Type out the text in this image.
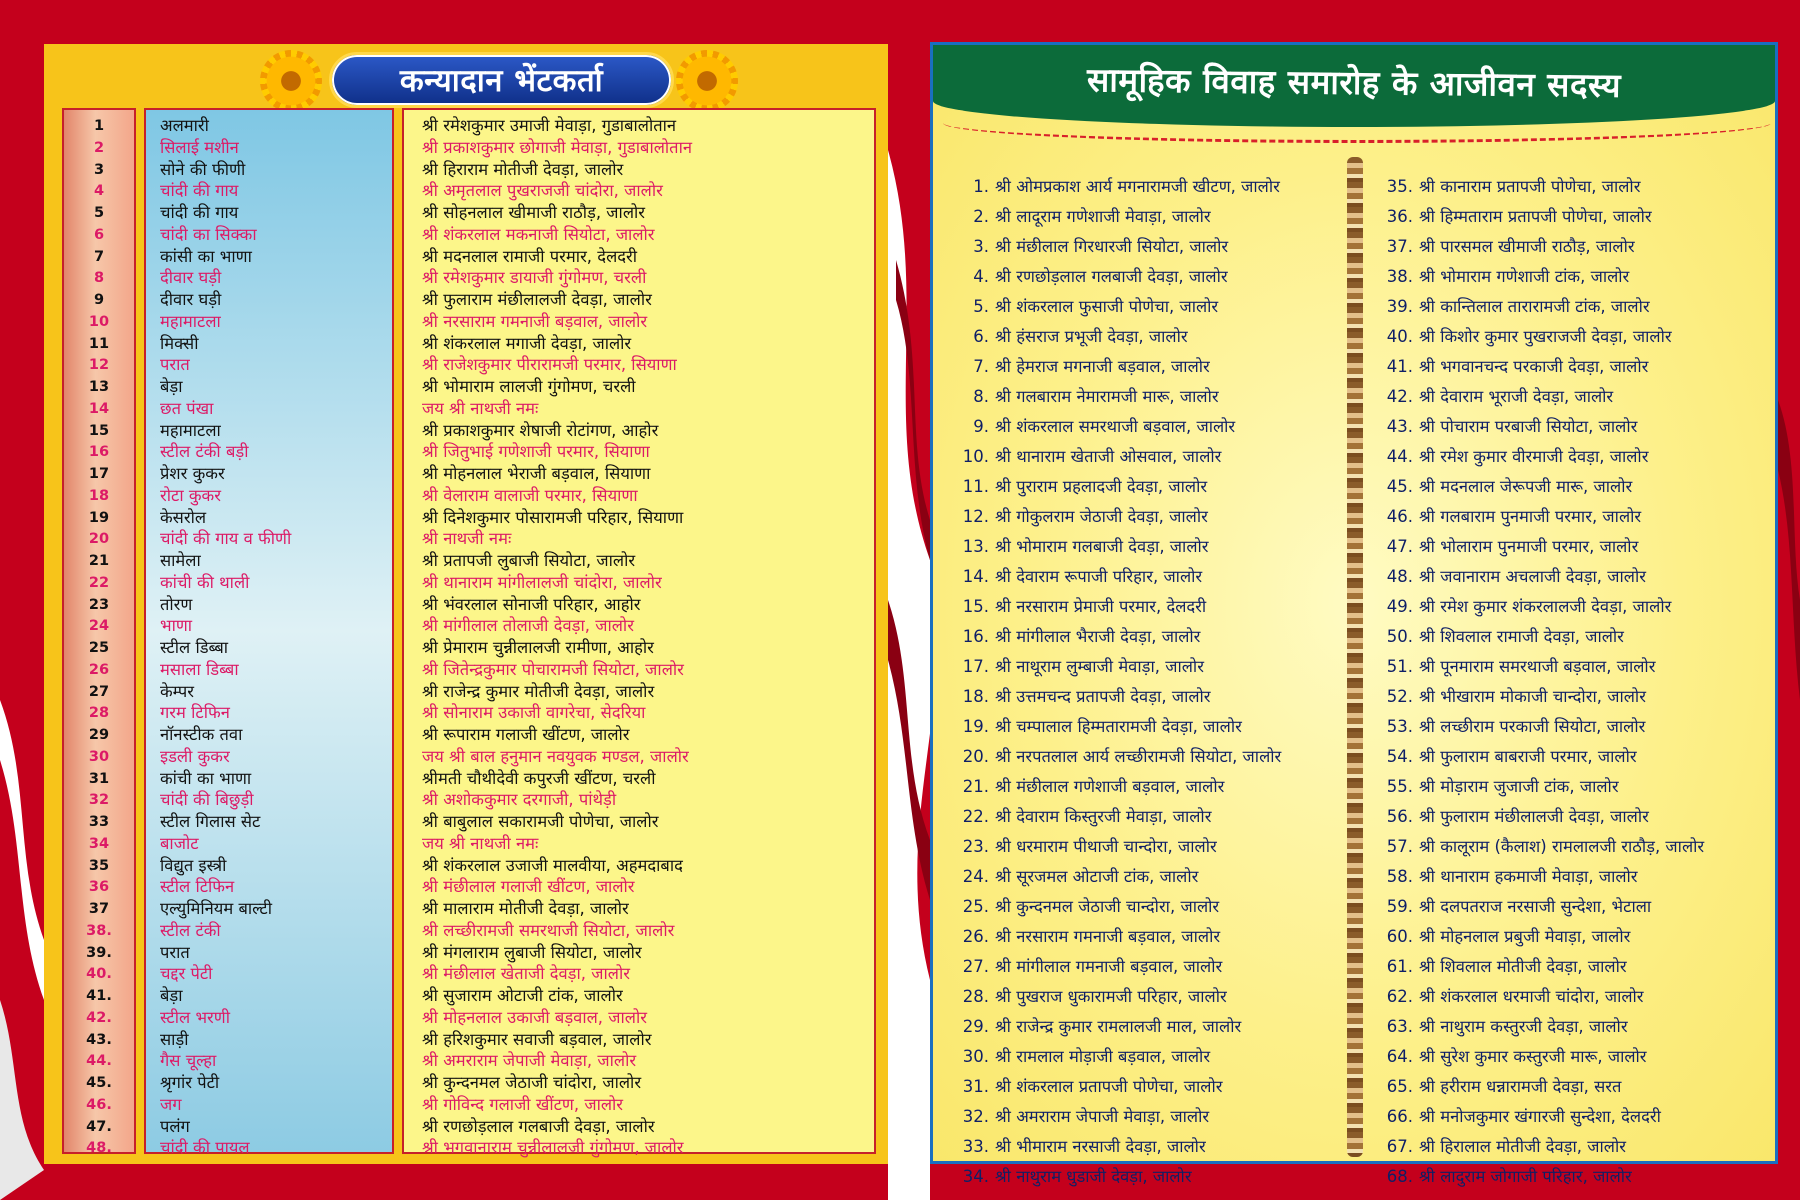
कन्यादान भेंटकर्ता
1
2
3
4
5
6
7
8
9
10
11
12
13
14
15
16
17
18
19
20
21
22
23
24
25
26
27
28
29
30
31
32
33
34
35
36
37
38.
39.
40.
41.
42.
43.
44.
45.
46.
47.
48.
अलमारी
सिलाई मशीन
सोने की फीणी
चांदी की गाय
चांदी की गाय
चांदी का सिक्का
कांसी का भाणा
दीवार घड़ी
दीवार घड़ी
महामाटला
मिक्सी
परात
बेड़ा
छत पंखा
महामाटला
स्टील टंकी बड़ी
प्रेशर कुकर
रोटा कुकर
केसरोल
चांदी की गाय व फीणी
सामेला
कांची की थाली
तोरण
भाणा
स्टील डिब्बा
मसाला डिब्बा
केम्पर
गरम टिफिन
नॉनस्टीक तवा
इडली कुकर
कांची का भाणा
चांदी की बिछुड़ी
स्टील गिलास सेट
बाजोट
विद्युत इस्त्री
स्टील टिफिन
एल्युमिनियम बाल्टी
स्टील टंकी
परात
चद्दर पेटी
बेड़ा
स्टील भरणी
साड़ी
गैस चूल्हा
श्रृगांर पेटी
जग
पलंग
चांदी की पायल
श्री रमेशकुमार उमाजी मेवाड़ा, गुडाबालोतान
श्री प्रकाशकुमार छोगाजी मेवाड़ा, गुडाबालोतान
श्री हिराराम मोतीजी देवड़ा, जालोर
श्री अमृतलाल पुखराजजी चांदोरा, जालोर
श्री सोहनलाल खीमाजी राठौड़, जालोर
श्री शंकरलाल मकनाजी सियोटा, जालोर
श्री मदनलाल रामाजी परमार, देलदरी
श्री रमेशकुमार डायाजी गुंगोमण, चरली
श्री फुलाराम मंछीलालजी देवड़ा, जालोर
श्री नरसाराम गमनाजी बड़वाल, जालोर
श्री शंकरलाल मगाजी देवड़ा, जालोर
श्री राजेशकुमार पीरारामजी परमार, सियाणा
श्री भोमाराम लालजी गुंगोमण, चरली
जय श्री नाथजी नमः
श्री प्रकाशकुमार शेषाजी रोटांगण, आहोर
श्री जितुभाई गणेशाजी परमार, सियाणा
श्री मोहनलाल भेराजी बड़वाल, सियाणा
श्री वेलाराम वालाजी परमार, सियाणा
श्री दिनेशकुमार पोसारामजी परिहार, सियाणा
श्री नाथजी नमः
श्री प्रतापजी लुबाजी सियोटा, जालोर
श्री थानाराम मांगीलालजी चांदोरा, जालोर
श्री भंवरलाल सोनाजी परिहार, आहोर
श्री मांगीलाल तोलाजी देवड़ा, जालोर
श्री प्रेमाराम चुन्नीलालजी रामीणा, आहोर
श्री जितेन्द्रकुमार पोचारामजी सियोटा, जालोर
श्री राजेन्द्र कुमार मोतीजी देवड़ा, जालोर
श्री सोनाराम उकाजी वागरेचा, सेदरिया
श्री रूपाराम गलाजी खींटण, जालोर
जय श्री बाल हनुमान नवयुवक मण्डल, जालोर
श्रीमती चौथीदेवी कपुरजी खींटण, चरली
श्री अशोककुमार दरगाजी, पांथेड़ी
श्री बाबुलाल सकारामजी पोणेचा, जालोर
जय श्री नाथजी नमः
श्री शंकरलाल उजाजी मालवीया, अहमदाबाद
श्री मंछीलाल गलाजी खींटण, जालोर
श्री मालाराम मोतीजी देवड़ा, जालोर
श्री लच्छीरामजी समरथाजी सियोटा, जालोर
श्री मंगलाराम लुबाजी सियोटा, जालोर
श्री मंछीलाल खेताजी देवड़ा, जालोर
श्री सुजाराम ओटाजी टांक, जालोर
श्री मोहनलाल उकाजी बड़वाल, जालोर
श्री हरिशकुमार सवाजी बड़वाल, जालोर
श्री अमराराम जेपाजी मेवाड़ा, जालोर
श्री कुन्दनमल जेठाजी चांदोरा, जालोर
श्री गोविन्द गलाजी खींटण, जालोर
श्री रणछोड़लाल गलबाजी देवड़ा, जालोर
श्री भगवानाराम चुन्नीलालजी गुंगोमण, जालोर
सामूहिक विवाह समारोह के आजीवन सदस्य
1. श्री ओमप्रकाश आर्य मगनारामजी खीटण, जालोर
2. श्री लादूराम गणेशाजी मेवाड़ा, जालोर
3. श्री मंछीलाल गिरधारजी सियोटा, जालोर
4. श्री रणछोड़लाल गलबाजी देवड़ा, जालोर
5. श्री शंकरलाल फुसाजी पोणेचा, जालोर
6. श्री हंसराज प्रभूजी देवड़ा, जालोर
7. श्री हेमराज मगनाजी बड़वाल, जालोर
8. श्री गलबाराम नेमारामजी मारू, जालोर
9. श्री शंकरलाल समरथाजी बड़वाल, जालोर
10. श्री थानाराम खेताजी ओसवाल, जालोर
11. श्री पुराराम प्रहलादजी देवड़ा, जालोर
12. श्री गोकुलराम जेठाजी देवड़ा, जालोर
13. श्री भोमाराम गलबाजी देवड़ा, जालोर
14. श्री देवाराम रूपाजी परिहार, जालोर
15. श्री नरसाराम प्रेमाजी परमार, देलदरी
16. श्री मांगीलाल भैराजी देवड़ा, जालोर
17. श्री नाथूराम लुम्बाजी मेवाड़ा, जालोर
18. श्री उत्तमचन्द प्रतापजी देवड़ा, जालोर
19. श्री चम्पालाल हिम्मतारामजी देवड़ा, जालोर
20. श्री नरपतलाल आर्य लच्छीरामजी सियोटा, जालोर
21. श्री मंछीलाल गणेशाजी बड़वाल, जालोर
22. श्री देवाराम किस्तुरजी मेवाड़ा, जालोर
23. श्री धरमाराम पीथाजी चान्दोरा, जालोर
24. श्री सूरजमल ओटाजी टांक, जालोर
25. श्री कुन्दनमल जेठाजी चान्दोरा, जालोर
26. श्री नरसाराम गमनाजी बड़वाल, जालोर
27. श्री मांगीलाल गमनाजी बड़वाल, जालोर
28. श्री पुखराज धुकारामजी परिहार, जालोर
29. श्री राजेन्द्र कुमार रामलालजी माल, जालोर
30. श्री रामलाल मोड़ाजी बड़वाल, जालोर
31. श्री शंकरलाल प्रतापजी पोणेचा, जालोर
32. श्री अमराराम जेपाजी मेवाड़ा, जालोर
33. श्री भीमाराम नरसाजी देवड़ा, जालोर
34. श्री नाथुराम धुडाजी देवड़ा, जालोर
35. श्री कानाराम प्रतापजी पोणेचा, जालोर
36. श्री हिम्मताराम प्रतापजी पोणेचा, जालोर
37. श्री पारसमल खीमाजी राठौड़, जालोर
38. श्री भोमाराम गणेशाजी टांक, जालोर
39. श्री कान्तिलाल तारारामजी टांक, जालोर
40. श्री किशोर कुमार पुखराजजी देवड़ा, जालोर
41. श्री भगवानचन्द परकाजी देवड़ा, जालोर
42. श्री देवाराम भूराजी देवड़ा, जालोर
43. श्री पोचाराम परबाजी सियोटा, जालोर
44. श्री रमेश कुमार वीरमाजी देवड़ा, जालोर
45. श्री मदनलाल जेरूपजी मारू, जालोर
46. श्री गलबाराम पुनमाजी परमार, जालोर
47. श्री भोलाराम पुनमाजी परमार, जालोर
48. श्री जवानाराम अचलाजी देवड़ा, जालोर
49. श्री रमेश कुमार शंकरलालजी देवड़ा, जालोर
50. श्री शिवलाल रामाजी देवड़ा, जालोर
51. श्री पूनमाराम समरथाजी बड़वाल, जालोर
52. श्री भीखाराम मोकाजी चान्दोरा, जालोर
53. श्री लच्छीराम परकाजी सियोटा, जालोर
54. श्री फुलाराम बाबराजी परमार, जालोर
55. श्री मोड़ाराम जुजाजी टांक, जालोर
56. श्री फुलाराम मंछीलालजी देवड़ा, जालोर
57. श्री कालूराम (कैलाश) रामलालजी राठौड़, जालोर
58. श्री थानाराम हकमाजी मेवाड़ा, जालोर
59. श्री दलपतराज नरसाजी सुन्देशा, भेटाला
60. श्री मोहनलाल प्रबुजी मेवाड़ा, जालोर
61. श्री शिवलाल मोतीजी देवड़ा, जालोर
62. श्री शंकरलाल धरमाजी चांदोरा, जालोर
63. श्री नाथुराम कस्तुरजी देवड़ा, जालोर
64. श्री सुरेश कुमार कस्तुरजी मारू, जालोर
65. श्री हरीराम धन्नारामजी देवड़ा, सरत
66. श्री मनोजकुमार खंगारजी सुन्देशा, देलदरी
67. श्री हिरालाल मोतीजी देवड़ा, जालोर
68. श्री लादुराम जोगाजी परिहार, जालोर
